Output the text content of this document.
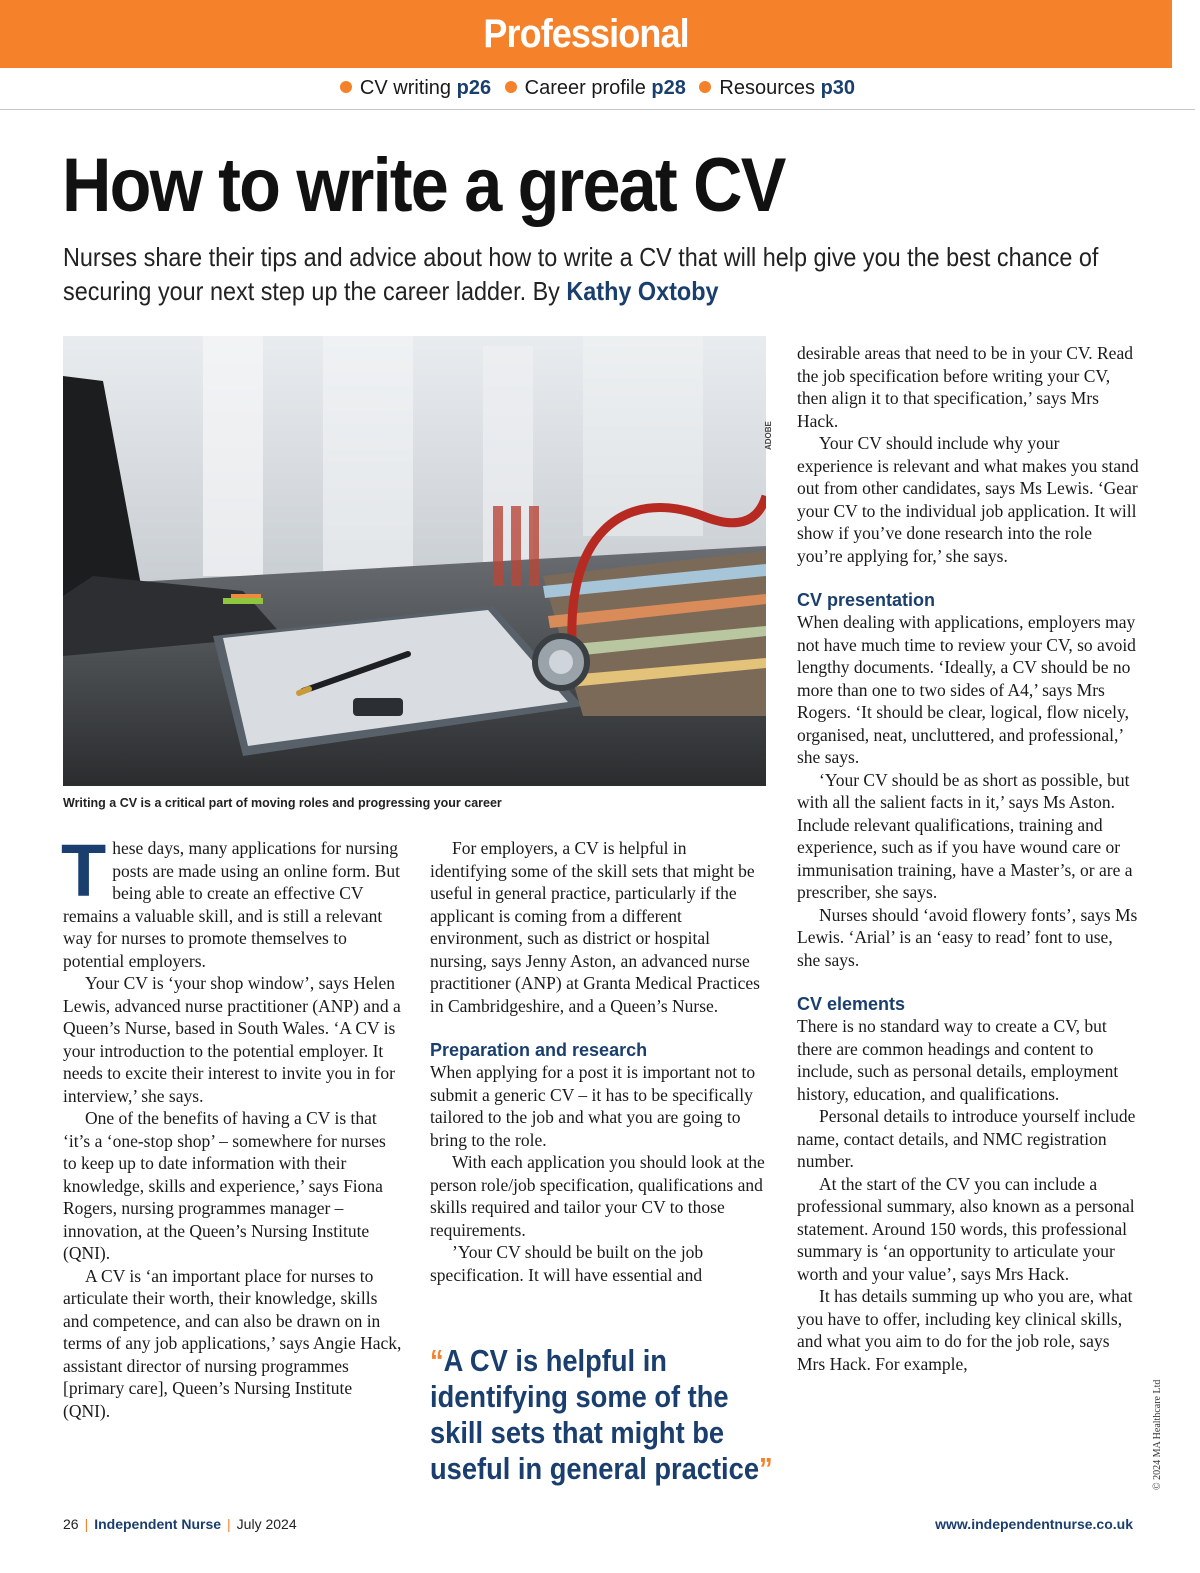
Professional
CV writing p26 Career profile p28 Resources p30
How to write a great CV

Nurses share their tips and advice about how to write a CV that will help give you the best chance of securing your next step up the career ladder. By Kathy Oxtoby

ADOBE
Writing a CV is a critical part of moving roles and progressing your career

These days, many applications for nursing posts are made using an online form. But being able to create an effective CV remains a valuable skill, and is still a relevant way for nurses to promote themselves to potential employers.

Your CV is ‘your shop window’, says Helen Lewis, advanced nurse practitioner (ANP) and a Queen’s Nurse, based in South Wales. ‘A CV is your introduction to the potential employer. It needs to excite their interest to invite you in for interview,’ she says.

One of the benefits of having a CV is that ‘it’s a ‘one-stop shop’ – somewhere for nurses to keep up to date information with their knowledge, skills and experience,’ says Fiona Rogers, nursing programmes manager – innovation, at the Queen’s Nursing Institute (QNI).

A CV is ‘an important place for nurses to articulate their worth, their knowledge, skills and competence, and can also be drawn on in terms of any job applications,’ says Angie Hack, assistant director of nursing programmes [primary care], Queen’s Nursing Institute (QNI).

For employers, a CV is helpful in identifying some of the skill sets that might be useful in general practice, particularly if the applicant is coming from a different environment, such as district or hospital nursing, says Jenny Aston, an advanced nurse practitioner (ANP) at Granta Medical Practices in Cambridgeshire, and a Queen’s Nurse.

Preparation and research

When applying for a post it is important not to submit a generic CV – it has to be specifically tailored to the job and what you are going to bring to the role.

With each application you should look at the person role/job specification, qualifications and skills required and tailor your CV to those requirements.

’Your CV should be built on the job specification. It will have essential and

“A CV is helpful in identifying some of the skill sets that might be useful in general practice”

desirable areas that need to be in your CV. Read the job specification before writing your CV, then align it to that specification,’ says Mrs Hack.

Your CV should include why your experience is relevant and what makes you stand out from other candidates, says Ms Lewis. ‘Gear your CV to the individual job application. It will show if you’ve done research into the role you’re applying for,’ she says.

CV presentation

When dealing with applications, employers may not have much time to review your CV, so avoid lengthy documents. ‘Ideally, a CV should be no more than one to two sides of A4,’ says Mrs Rogers. ‘It should be clear, logical, flow nicely, organised, neat, uncluttered, and professional,’ she says.

‘Your CV should be as short as possible, but with all the salient facts in it,’ says Ms Aston. Include relevant qualifications, training and experience, such as if you have wound care or immunisation training, have a Master’s, or are a prescriber, she says.

Nurses should ‘avoid flowery fonts’, says Ms Lewis. ‘Arial’ is an ‘easy to read’ font to use, she says.

CV elements

There is no standard way to create a CV, but there are common headings and content to include, such as personal details, employment history, education, and qualifications.

Personal details to introduce yourself include name, contact details, and NMC registration number.

At the start of the CV you can include a professional summary, also known as a personal statement. Around 150 words, this professional summary is ‘an opportunity to articulate your worth and your value’, says Mrs Hack.

It has details summing up who you are, what you have to offer, including key clinical skills, and what you aim to do for the job role, says Mrs Hack. For example,

© 2024 MA Healthcare Ltd
26 | Independent Nurse | July 2024	www.independentnurse.co.uk
